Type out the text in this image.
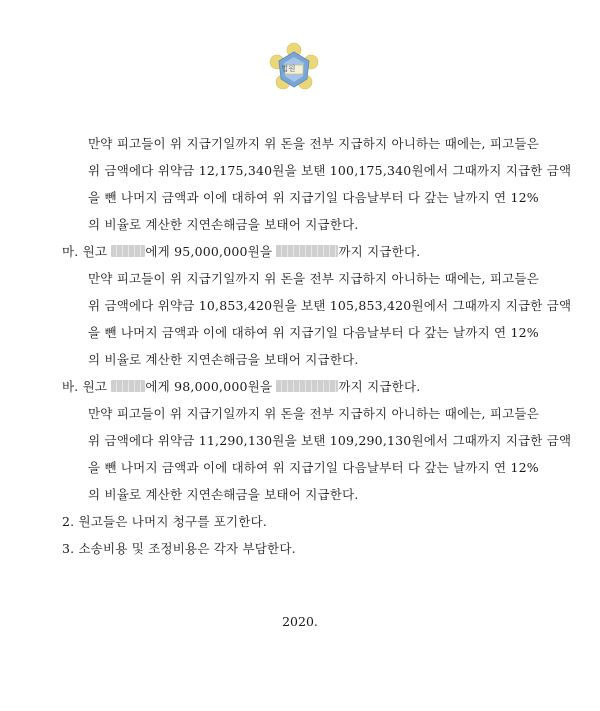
법원
만약 피고들이 위 지급기일까지 위 돈을 전부 지급하지 아니하는 때에는, 피고들은
위 금액에다 위약금 12,175,340원을 보탠 100,175,340원에서 그때까지 지급한 금액
을 뺀 나머지 금액과 이에 대하여 위 지급기일 다음날부터 다 갚는 날까지 연 12%
의 비율로 계산한 지연손해금을 보태어 지급한다.
마. 원고	에게 95,000,000원을	까지 지급한다.
만약 피고들이 위 지급기일까지 위 돈을 전부 지급하지 아니하는 때에는, 피고들은
위 금액에다 위약금 10,853,420원을 보탠 105,853,420원에서 그때까지 지급한 금액
을 뺀 나머지 금액과 이에 대하여 위 지급기일 다음날부터 다 갚는 날까지 연 12%
의 비율로 계산한 지연손해금을 보태어 지급한다.
바. 원고	에게 98,000,000원을	까지 지급한다.
만약 피고들이 위 지급기일까지 위 돈을 전부 지급하지 아니하는 때에는, 피고들은
위 금액에다 위약금 11,290,130원을 보탠 109,290,130원에서 그때까지 지급한 금액
을 뺀 나머지 금액과 이에 대하여 위 지급기일 다음날부터 다 갚는 날까지 연 12%
의 비율로 계산한 지연손해금을 보태어 지급한다.
2. 원고들은 나머지 청구를 포기한다.
3. 소송비용 및 조정비용은 각자 부담한다.
2020.
